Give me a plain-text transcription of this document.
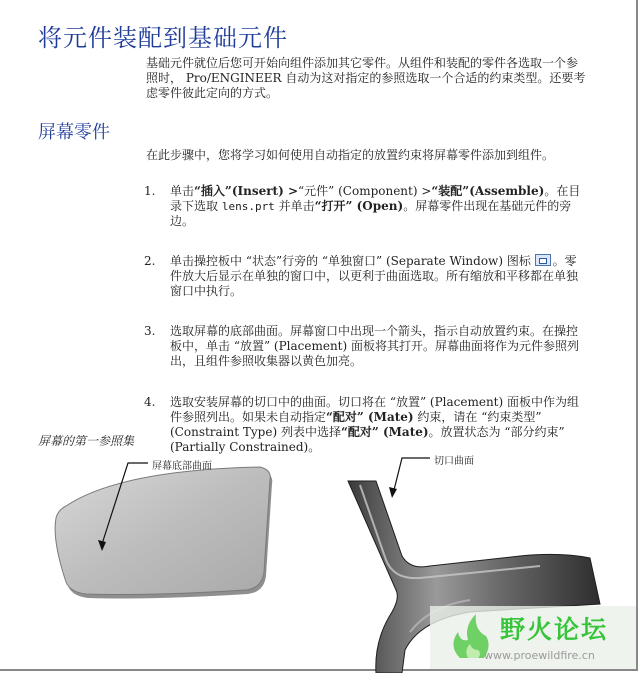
将元件装配到基础元件

基础元件就位后您可开始向组件添加其它零件。从组件和装配的零件各选取一个参照时， Pro/ENGINEER 自动为这对指定的参照选取一个合适的约束类型。还要考虑零件彼此定向的方式。

屏幕零件

在此步骤中，您将学习如何使用自动指定的放置约束将屏幕零件添加到组件。

1. 单击“插入”(Insert) >“元件” (Component) >“装配”(Assemble)。在目录下选取 lens.prt 并单击“打开” (Open)。屏幕零件出现在基础元件的旁边。
2. 单击操控板中 “状态”行旁的 “单独窗口” (Separate Window) 图标 。零件放大后显示在单独的窗口中，以更利于曲面选取。所有缩放和平移都在单独窗口中执行。
3. 选取屏幕的底部曲面。屏幕窗口中出现一个箭头，指示自动放置约束。在操控板中，单击 “放置” (Placement) 面板将其打开。屏幕曲面将作为元件参照列出，且组件参照收集器以黄色加亮。
4. 选取安装屏幕的切口中的曲面。切口将在 “放置” (Placement) 面板中作为组件参照列出。如果未自动指定“配对” (Mate) 约束，请在 “约束类型” (Constraint Type) 列表中选择“配对” (Mate)。放置状态为 “部分约束” (Partially Constrained)。

屏幕的第一参照集

屏幕底部曲面	切口曲面
野火论坛
www.proewildfire.cn
